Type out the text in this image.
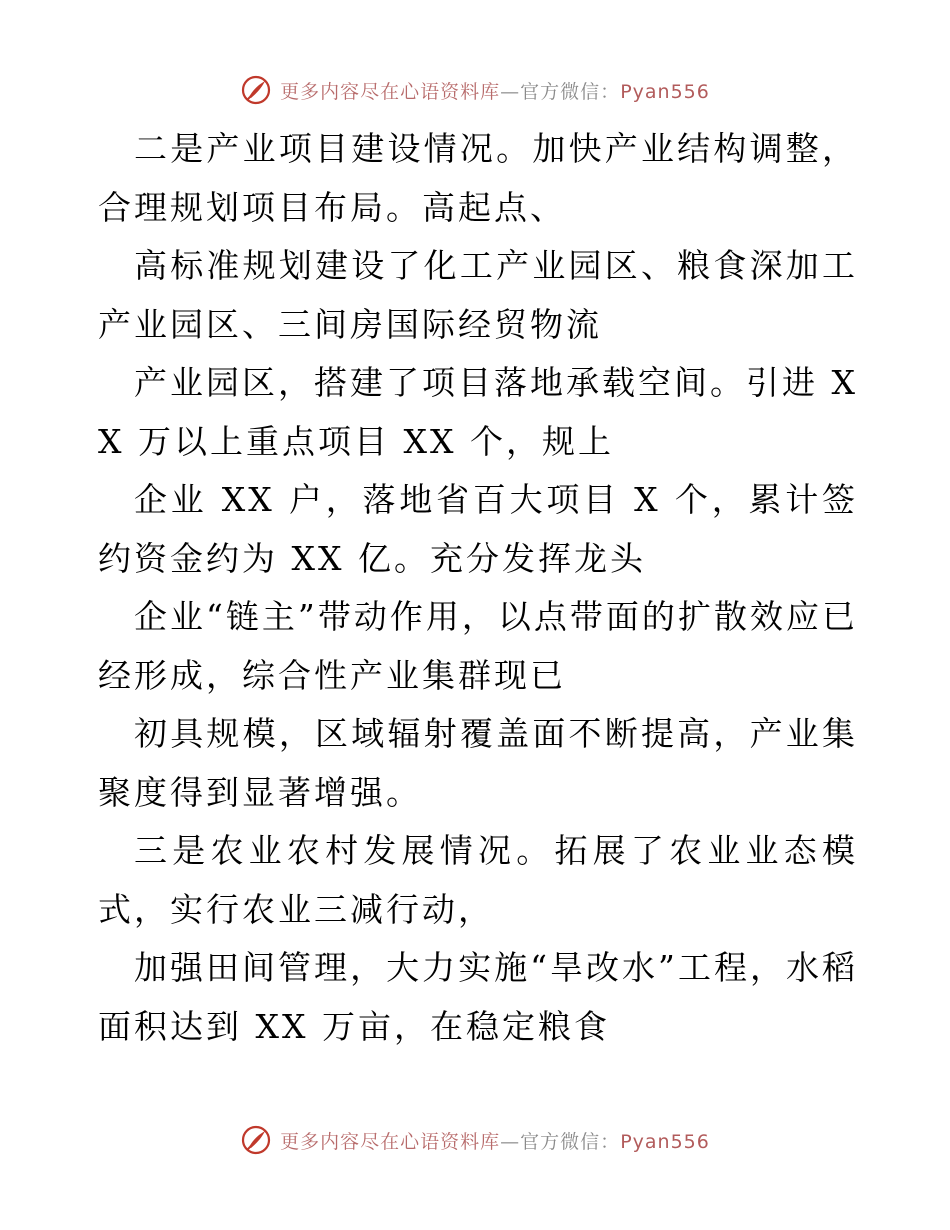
更多内容尽在心语资料库—官方微信：Pyan556

二是产业项目建设情况。加快产业结构调整，合理规划项目布局。高起点、

高标准规划建设了化工产业园区、粮食深加工产业园区、三间房国际经贸物流

产业园区，搭建了项目落地承载空间。引进 XX 万以上重点项目 XX 个，规上

企业 XX 户，落地省百大项目 X 个，累计签约资金约为 XX 亿。充分发挥龙头

企业“链主”带动作用，以点带面的扩散效应已经形成，综合性产业集群现已

初具规模，区域辐射覆盖面不断提高，产业集聚度得到显著增强。

三是农业农村发展情况。拓展了农业业态模式，实行农业三减行动，

加强田间管理，大力实施“旱改水”工程，水稻面积达到 XX 万亩，在稳定粮食

更多内容尽在心语资料库—官方微信：Pyan556
